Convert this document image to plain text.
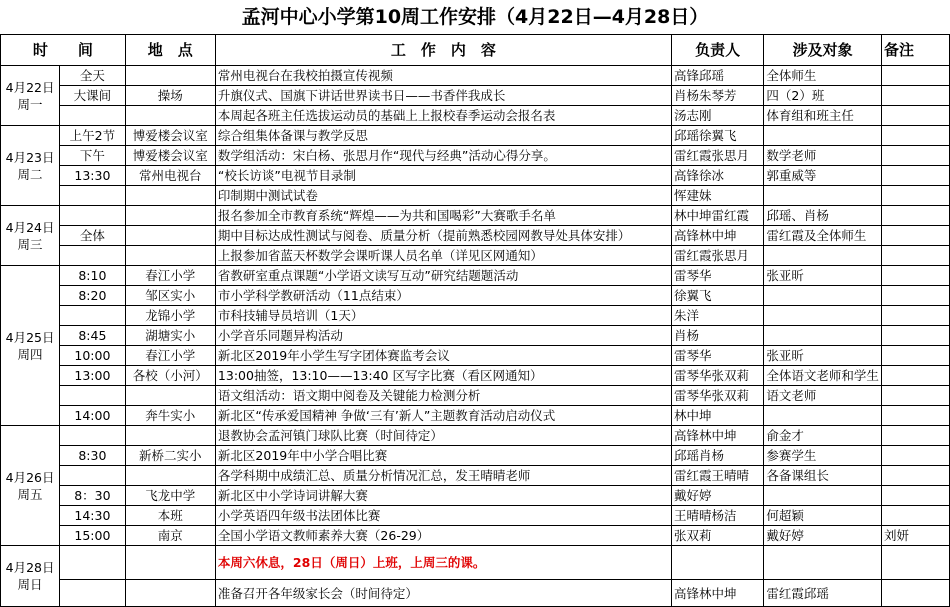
孟河中心小学第10周工作安排（4月22日—4月28日）
时　　间		地　点	工　作　内　容	负责人	涉及对象	备注

4月22日
周一	全天		常州电视台在我校拍摄宣传视频	高锋邱瑶	全体师生	
	大课间	操场	升旗仪式、国旗下讲话世界读书日——书香伴我成长	肖杨朱琴芳	四（2）班	
			本周起各班主任选拔运动员的基础上上报校春季运动会报名表	汤志刚	体育组和班主任	

4月23日
周二	上午2节	博爱楼会议室	综合组集体备课与教学反思	邱瑶徐翼飞		
	下午	博爱楼会议室	数学组活动：宋白杨、张思月作“现代与经典”活动心得分享。	雷红霞张思月	数学老师	
	13:30	常州电视台	“校长访谈”电视节目录制	高锋徐冰	郭重威等	
			印制期中测试试卷	恽建妹		

4月24日
周三			报名参加全市教育系统“辉煌——为共和国喝彩”大赛歌手名单	林中坤雷红霞	邱瑶、肖杨	
	全体		期中目标达成性测试与阅卷、质量分析（提前熟悉校园网教导处具体安排）	高锋林中坤	雷红霞及全体师生	
			上报参加省蓝天杯数学会课听课人员名单（详见区网通知）	雷红霞张思月		

4月25日
周四	8:10	春江小学	省教研室重点课题“小学语文读写互动”研究结题题活动	雷琴华	张亚昕	
	8:20	邹区实小	市小学科学教研活动（11点结束）	徐翼飞		
		龙锦小学	市科技辅导员培训（1天）	朱洋		
	8:45	湖塘实小	小学音乐同题异构活动	肖杨		
	10:00	春江小学	新北区2019年小学生写字团体赛监考会议	雷琴华	张亚昕	
	13:00	各校（小河）	13:00抽签，13:10——13:40 区写字比赛（看区网通知）	雷琴华张双莉	全体语文老师和学生	
			语文组活动：语文期中阅卷及关键能力检测分析	雷琴华张双莉	语文老师	
	14:00	奔牛实小	新北区“传承爱国精神 争做‘三有’新人”主题教育活动启动仪式	林中坤		

4月26日
周五			退教协会孟河镇门球队比赛（时间待定）	高锋林中坤	俞金才	
	8:30	新桥二实小	新北区2019年中小学合唱比赛	邱瑶肖杨	参赛学生	
			各学科期中成绩汇总、质量分析情况汇总，发王晴晴老师	雷红霞王晴晴	各备课组长	
	8：30	飞龙中学	新北区中小学诗词讲解大赛	戴好婷		
	14:30	本班	小学英语四年级书法团体比赛	王晴晴杨洁	何超颖	
	15:00	南京	全国小学语文教师素养大赛（26-29）	张双莉	戴好婷	刘妍

4月28日
周日			本周六休息，28日（周日）上班，上周三的课。			
			准备召开各年级家长会（时间待定）	高锋林中坤	雷红霞邱瑶	
